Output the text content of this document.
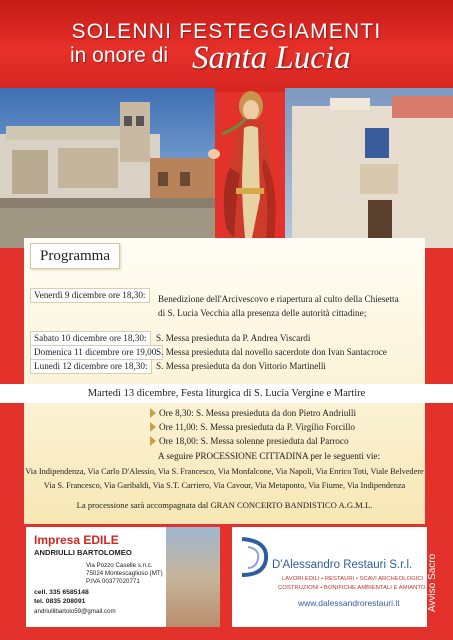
SOLENNI FESTEGGIAMENTI
in onore di Santa Lucia
Programma
Venerdì 9 dicembre ore 18,30:	Benedizione dell'Arcivescovo e riapertura al culto della Chiesetta
di S. Lucia Vecchia alla presenza delle autorità cittadine;
Sabato 10 dicembre ore 18,30:	S. Messa presieduta da P. Andrea Viscardi
Domenica 11 dicembre ore 19,00:
S. Messa presieduta dal novello sacerdote don Ivan Santacroce
Lunedì 12 dicembre ore 18,30: S. Messa presieduta da don Vittorio Martinelli
Martedì 13 dicembre, Festa liturgica di S. Lucia Vergine e Martire
Ore 8,30: S. Messa presieduta da don Pietro Andriulli
Ore 11,00: S. Messa presieduta da P. Virgilio Forcillo
Ore 18,00: S. Messa solenne presieduta dal Parroco
A seguire PROCESSIONE CITTADINA per le seguenti vie:
Via Indipendenza, Via Carlo D'Alessio, Via S. Francesco, Via Monfalcone, Via Napoli, Via Enrico Toti, Viale Belvedere
Via S. Francesco, Via Garibaldi, Via S.T. Carriero, Via Cavour, Via Metaponto, Via Fiume, Via Indipendenza
La processione sarà accompagnata dal GRAN CONCERTO BANDISTICO A.G.M.L.
Impresa EDILE
ANDRIULLI BARTOLOMEO
Via Pozzo Caselle s.n.c.
75024 Montescaglioso (MT)
P.IVA 00377020771
cell. 335 6585148
tel. 0835 208091
andriullibartolo59@gmail.com
D'Alessandro Restauri S.r.l.
LAVORI EDILI • RESTAURI • SCAVI ARCHEOLOGICI
COSTRUZIONI • BONIFICHE AMBIENTALI E AMIANTO
www.dalessandrorestauri.it	Avviso Sacro
